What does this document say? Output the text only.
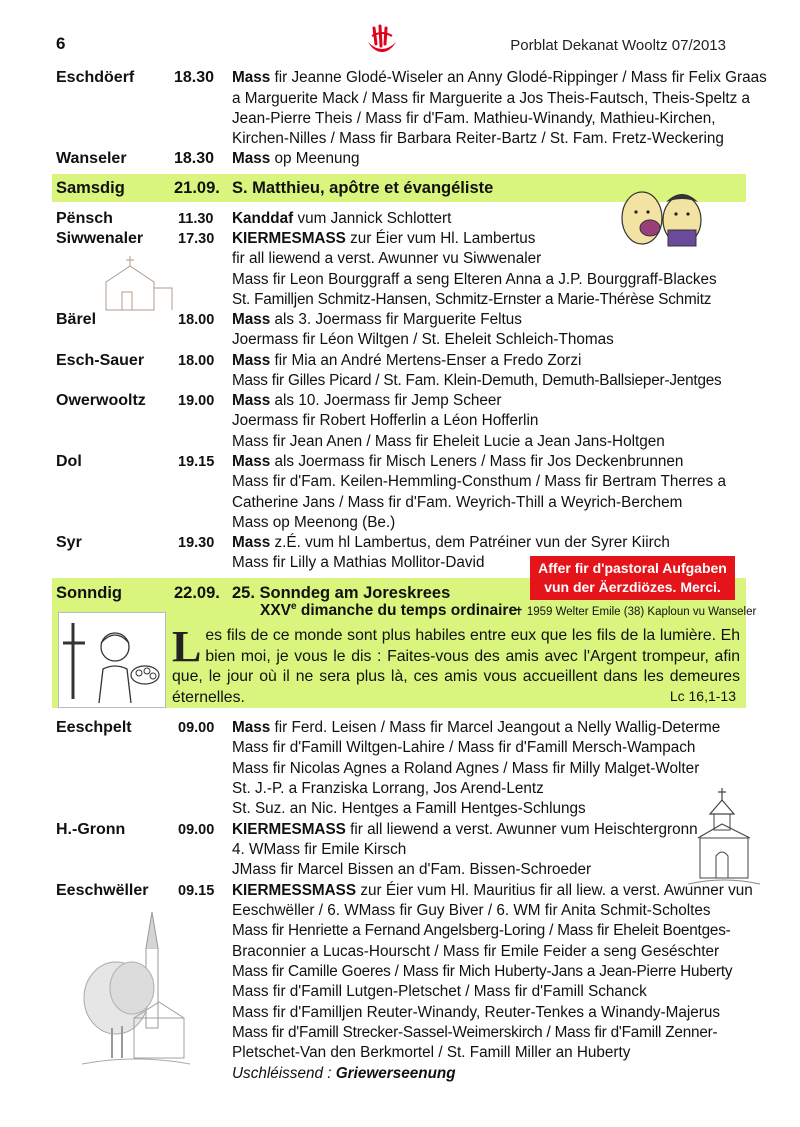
6	Porblat Dekanat Wooltz 07/2013
Eschdöerf 18.30 Mass fir Jeanne Glodé-Wiseler an Anny Glodé-Rippinger / Mass fir Felix Graas
a Marguerite Mack / Mass fir Marguerite a Jos Theis-Fautsch, Theis-Speltz a
Jean-Pierre Theis / Mass fir d'Fam. Mathieu-Winandy, Mathieu-Kirchen,
Kirchen-Nilles / Mass fir Barbara Reiter-Bartz / St. Fam. Fretz-Weckering
Wanseler	18.30 Mass op Meenung
Samsdig	21.09. S. Matthieu, apôtre et évangéliste
Pënsch	11.30 Kanddaf vum Jannick Schlottert
Siwwenaler 17.30 KIERMESMASS zur Éier vum Hl. Lambertus
fir all liewend a verst. Awunner vu Siwwenaler
Mass fir Leon Bourggraff a seng Elteren Anna a J.P. Bourggraff-Blackes
St. Familljen Schmitz-Hansen, Schmitz-Ernster a Marie-Thérèse Schmitz
Bärel	18.00 Mass als 3. Joermass fir Marguerite Feltus
Joermass fir Léon Wiltgen / St. Eheleit Schleich-Thomas
Esch-Sauer 18.00 Mass fir Mia an André Mertens-Enser a Fredo Zorzi
Mass fir Gilles Picard / St. Fam. Klein-Demuth, Demuth-Ballsieper-Jentges
Owerwooltz 19.00 Mass als 10. Joermass fir Jemp Scheer
Joermass fir Robert Hofferlin a Léon Hofferlin
Mass fir Jean Anen / Mass fir Eheleit Lucie a Jean Jans-Holtgen
Dol	19.15 Mass als Joermass fir Misch Leners / Mass fir Jos Deckenbrunnen
Mass fir d'Fam. Keilen-Hemmling-Consthum / Mass fir Bertram Therres a
Catherine Jans / Mass fir d'Fam. Weyrich-Thill a Weyrich-Berchem
Mass op Meenong (Be.)
Syr	19.30 Mass z.É. vum hl Lambertus, dem Patréiner vun der Syrer Kiirch
Mass fir Lilly a Mathias Mollitor-David
Sonndig	22.09. 25. Sonndeg am Joreskrees
XXVe dimanche du temps ordinaire
✝ 1959 Welter Emile (38) Kaploun vu Wanseler
Affer fir d'pastoral Aufgaben
vun der Äerzdiözes. Merci.
Les fils de ce monde sont plus habiles entre eux que les fils de la lumière. Eh bien moi, je vous le dis : Faites-vous des amis avec l'Argent trompeur, afin que, le jour où il ne sera plus là, ces amis vous accueillent dans les demeures éternelles.	Lc 16,1-13
Eeschpelt	09.00 Mass fir Ferd. Leisen / Mass fir Marcel Jeangout a Nelly Wallig-Determe
Mass fir d'Famill Wiltgen-Lahire / Mass fir d'Famill Mersch-Wampach
Mass fir Nicolas Agnes a Roland Agnes / Mass fir Milly Malget-Wolter
St. J.-P. a Franziska Lorrang, Jos Arend-Lentz
St. Suz. an Nic. Hentges a Famill Hentges-Schlungs
H.-Gronn	09.00 KIERMESMASS fir all liewend a verst. Awunner vum Heischtergronn
4. WMass fir Emile Kirsch
JMass fir Marcel Bissen an d'Fam. Bissen-Schroeder
Eeschwëller 09.15 KIERMESSMASS zur Éier vum Hl. Mauritius fir all liew. a verst. Awunner vun
Eeschwëller / 6. WMass fir Guy Biver / 6. WM fir Anita Schmit-Scholtes
Mass fir Henriette a Fernand Angelsberg-Loring / Mass fir Eheleit Boentges-
Braconnier a Lucas-Hourscht / Mass fir Emile Feider a seng Geséschter
Mass fir Camille Goeres / Mass fir Mich Huberty-Jans a Jean-Pierre Huberty
Mass fir d'Famill Lutgen-Pletschet / Mass fir d'Famill Schanck
Mass fir d'Familljen Reuter-Winandy, Reuter-Tenkes a Winandy-Majerus
Mass fir d'Famill Strecker-Sassel-Weimerskirch / Mass fir d'Famill Zenner-
Pletschet-Van den Berkmortel / St. Famill Miller an Huberty
Uschléissend : Griewerseenung
